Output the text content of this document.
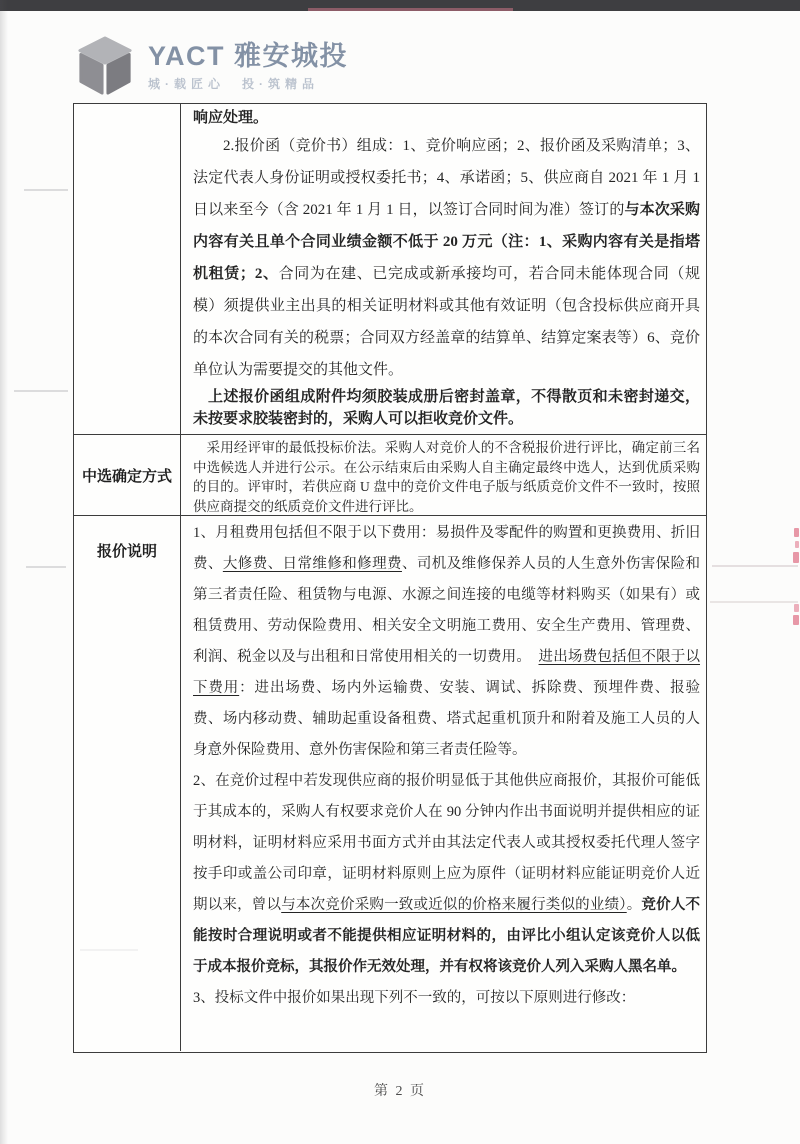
YACT 雅安城投
城·载匠心　投·筑精品

响应处理。

2.报价函（竞价书）组成：1、竞价响应函；2、报价函及采购清单；3、法定代表人身份证明或授权委托书；4、承诺函；5、供应商自 2021 年 1 月 1 日以来至今（含 2021 年 1 月 1 日，以签订合同时间为准）签订的与本次采购内容有关且单个合同业绩金额不低于 20 万元（注：1、采购内容有关是指塔机租赁；2、合同为在建、已完成或新承接均可，若合同未能体现合同（规模）须提供业主出具的相关证明材料或其他有效证明（包含投标供应商开具的本次合同有关的税票；合同双方经盖章的结算单、结算定案表等）6、竞价单位认为需要提交的其他文件。

上述报价函组成附件均须胶装成册后密封盖章，不得散页和未密封递交，未按要求胶装密封的，采购人可以拒收竞价文件。

中选确定方式

采用经评审的最低投标价法。采购人对竞价人的不含税报价进行评比，确定前三名中选候选人并进行公示。在公示结束后由采购人自主确定最终中选人，达到优质采购的目的。评审时，若供应商 U 盘中的竞价文件电子版与纸质竞价文件不一致时，按照供应商提交的纸质竞价文件进行评比。

报价说明

1、月租费用包括但不限于以下费用：易损件及零配件的购置和更换费用、折旧费、大修费、日常维修和修理费、司机及维修保养人员的人生意外伤害保险和第三者责任险、租赁物与电源、水源之间连接的电缆等材料购买（如果有）或租赁费用、劳动保险费用、相关安全文明施工费用、安全生产费用、管理费、利润、税金以及与出租和日常使用相关的一切费用。　进出场费包括但不限于以下费用：进出场费、场内外运输费、安装、调试、拆除费、预埋件费、报验费、场内移动费、辅助起重设备租费、塔式起重机顶升和附着及施工人员的人身意外保险费用、意外伤害保险和第三者责任险等。

2、在竞价过程中若发现供应商的报价明显低于其他供应商报价，其报价可能低于其成本的，采购人有权要求竞价人在 90 分钟内作出书面说明并提供相应的证明材料，证明材料应采用书面方式并由其法定代表人或其授权委托代理人签字按手印或盖公司印章，证明材料原则上应为原件（证明材料应能证明竞价人近期以来，曾以与本次竞价采购一致或近似的价格来履行类似的业绩）。竞价人不能按时合理说明或者不能提供相应证明材料的，由评比小组认定该竞价人以低于成本报价竞标，其报价作无效处理，并有权将该竞价人列入采购人黑名单。

3、投标文件中报价如果出现下列不一致的，可按以下原则进行修改：

第 2 页
